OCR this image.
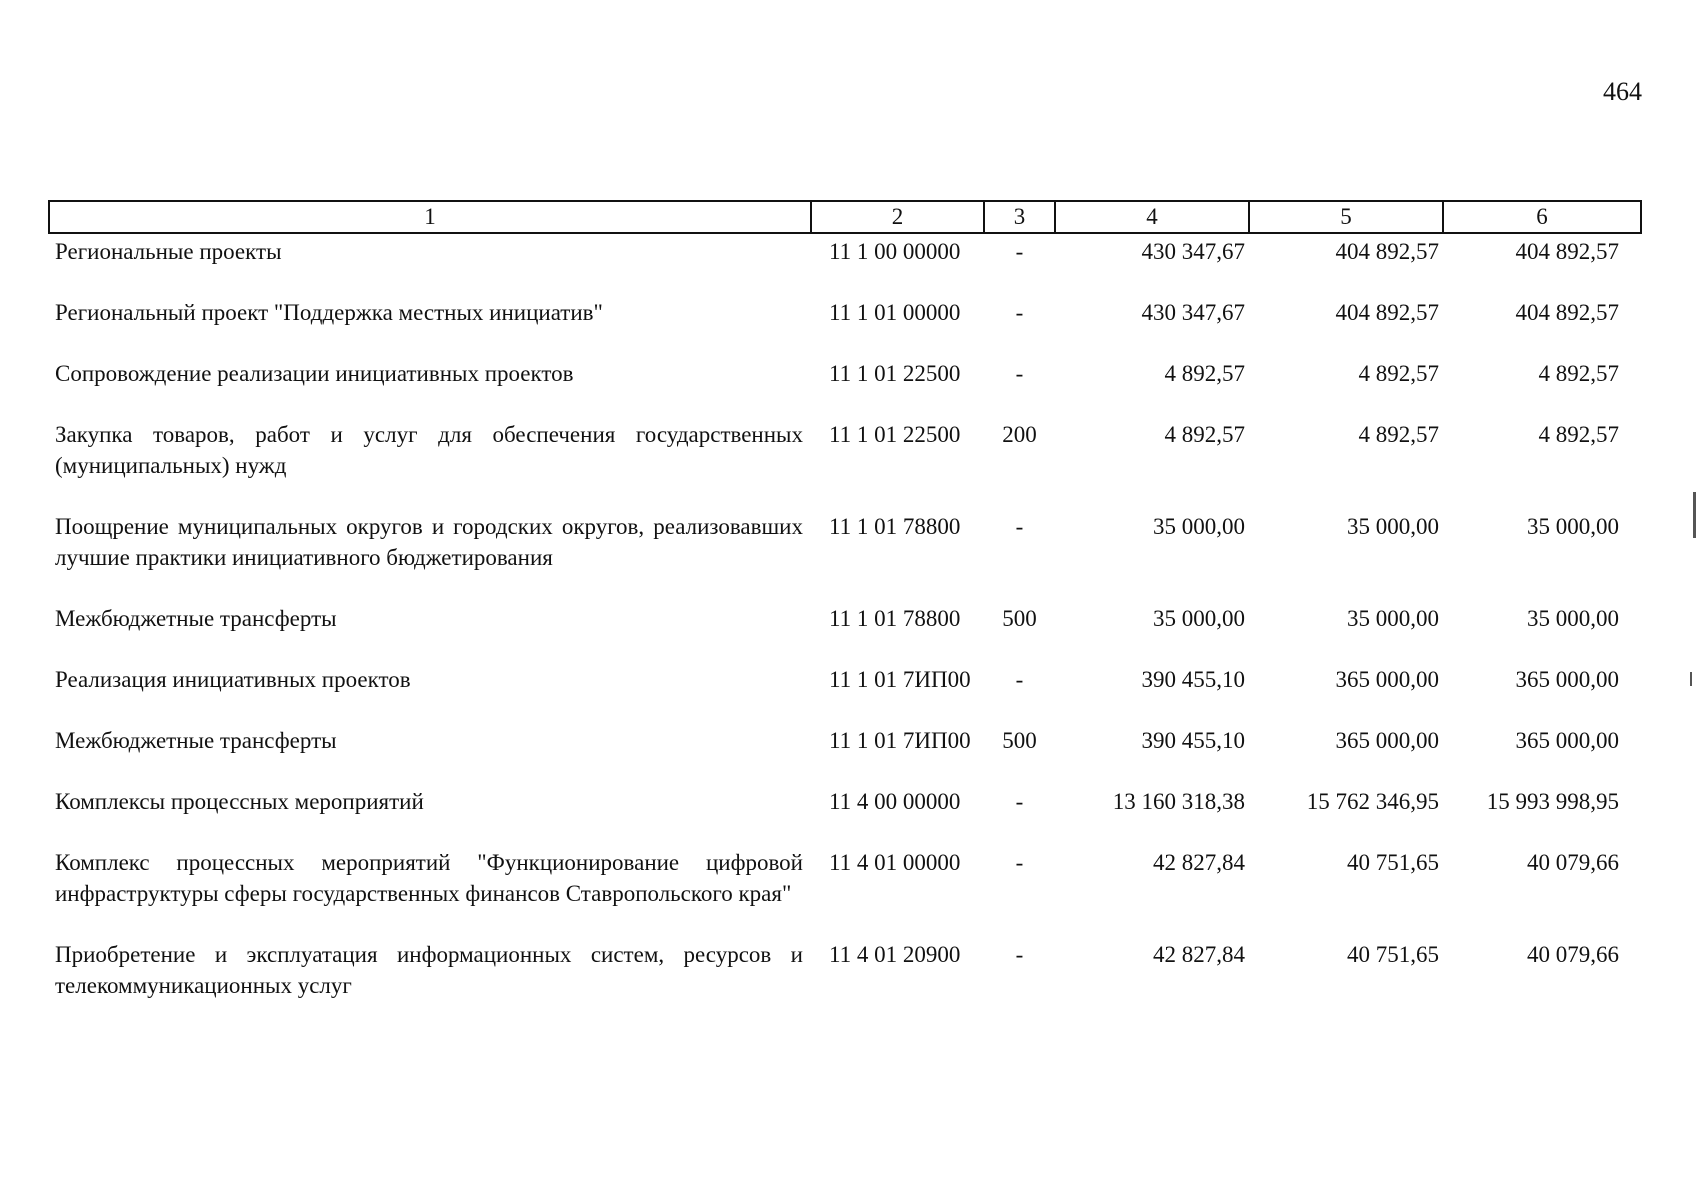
464
1	2	3	4	5	6
Региональные проекты	11 1 00 00000	-	430 347,67	404 892,57	404 892,57
Региональный проект "Поддержка местных инициатив"	11 1 01 00000	-	430 347,67	404 892,57	404 892,57
Сопровождение реализации инициативных проектов	11 1 01 22500	-	4 892,57	4 892,57	4 892,57
Закупка товаров, работ и услуг для обеспечения государственных (муниципальных) нужд	11 1 01 22500	200	4 892,57	4 892,57	4 892,57
Поощрение муниципальных округов и городских округов, реализовавших лучшие практики инициативного бюджетирования	11 1 01 78800	-	35 000,00	35 000,00	35 000,00
Межбюджетные трансферты	11 1 01 78800	500	35 000,00	35 000,00	35 000,00
Реализация инициативных проектов	11 1 01 7ИП00	-	390 455,10	365 000,00	365 000,00
Межбюджетные трансферты	11 1 01 7ИП00	500	390 455,10	365 000,00	365 000,00
Комплексы процессных мероприятий	11 4 00 00000	-	13 160 318,38	15 762 346,95	15 993 998,95
Комплекс процессных мероприятий "Функционирование цифровой инфраструктуры сферы государственных финансов Ставропольского края"	11 4 01 00000	-	42 827,84	40 751,65	40 079,66
Приобретение и эксплуатация информационных систем, ресурсов и телекоммуникационных услуг	11 4 01 20900	-	42 827,84	40 751,65	40 079,66
